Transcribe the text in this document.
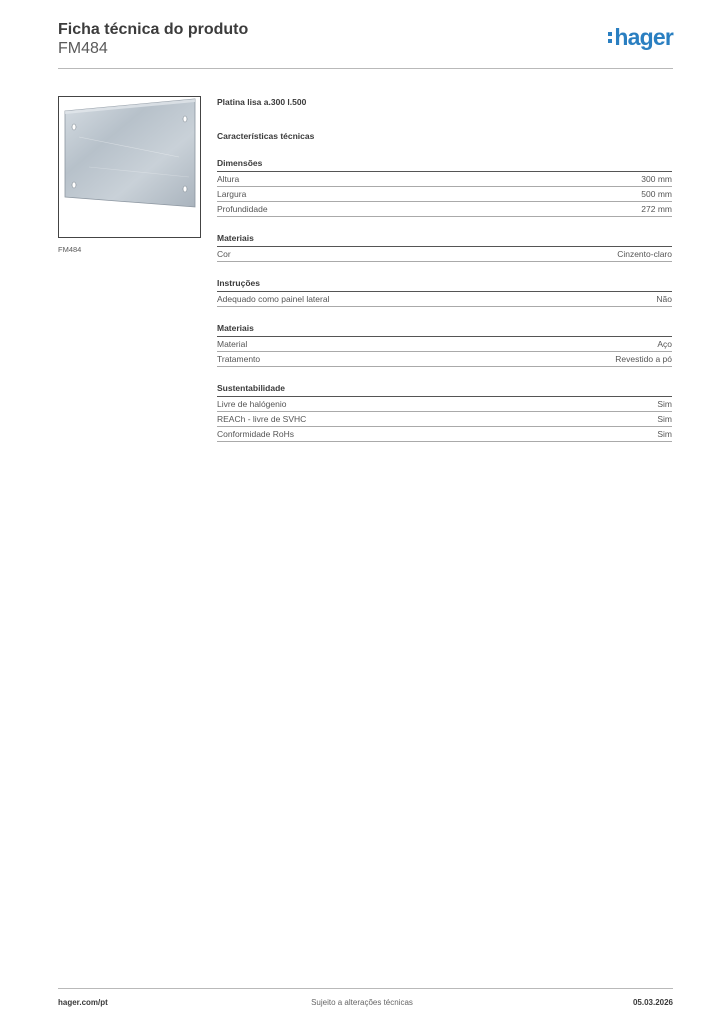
Ficha técnica do produto
FM484	hager
FM484
Platina lisa a.300 l.500
Características técnicas
Dimensões
Altura	300 mm
Largura	500 mm
Profundidade	272 mm
Materiais
Cor	Cinzento-claro
Instruções
Adequado como painel lateral	Não
Materiais
Material	Aço
Tratamento	Revestido a pó
Sustentabilidade
Livre de halógenio	Sim
REACh - livre de SVHC	Sim
Conformidade RoHs	Sim
hager.com/pt	Sujeito a alterações técnicas	05.03.2026
